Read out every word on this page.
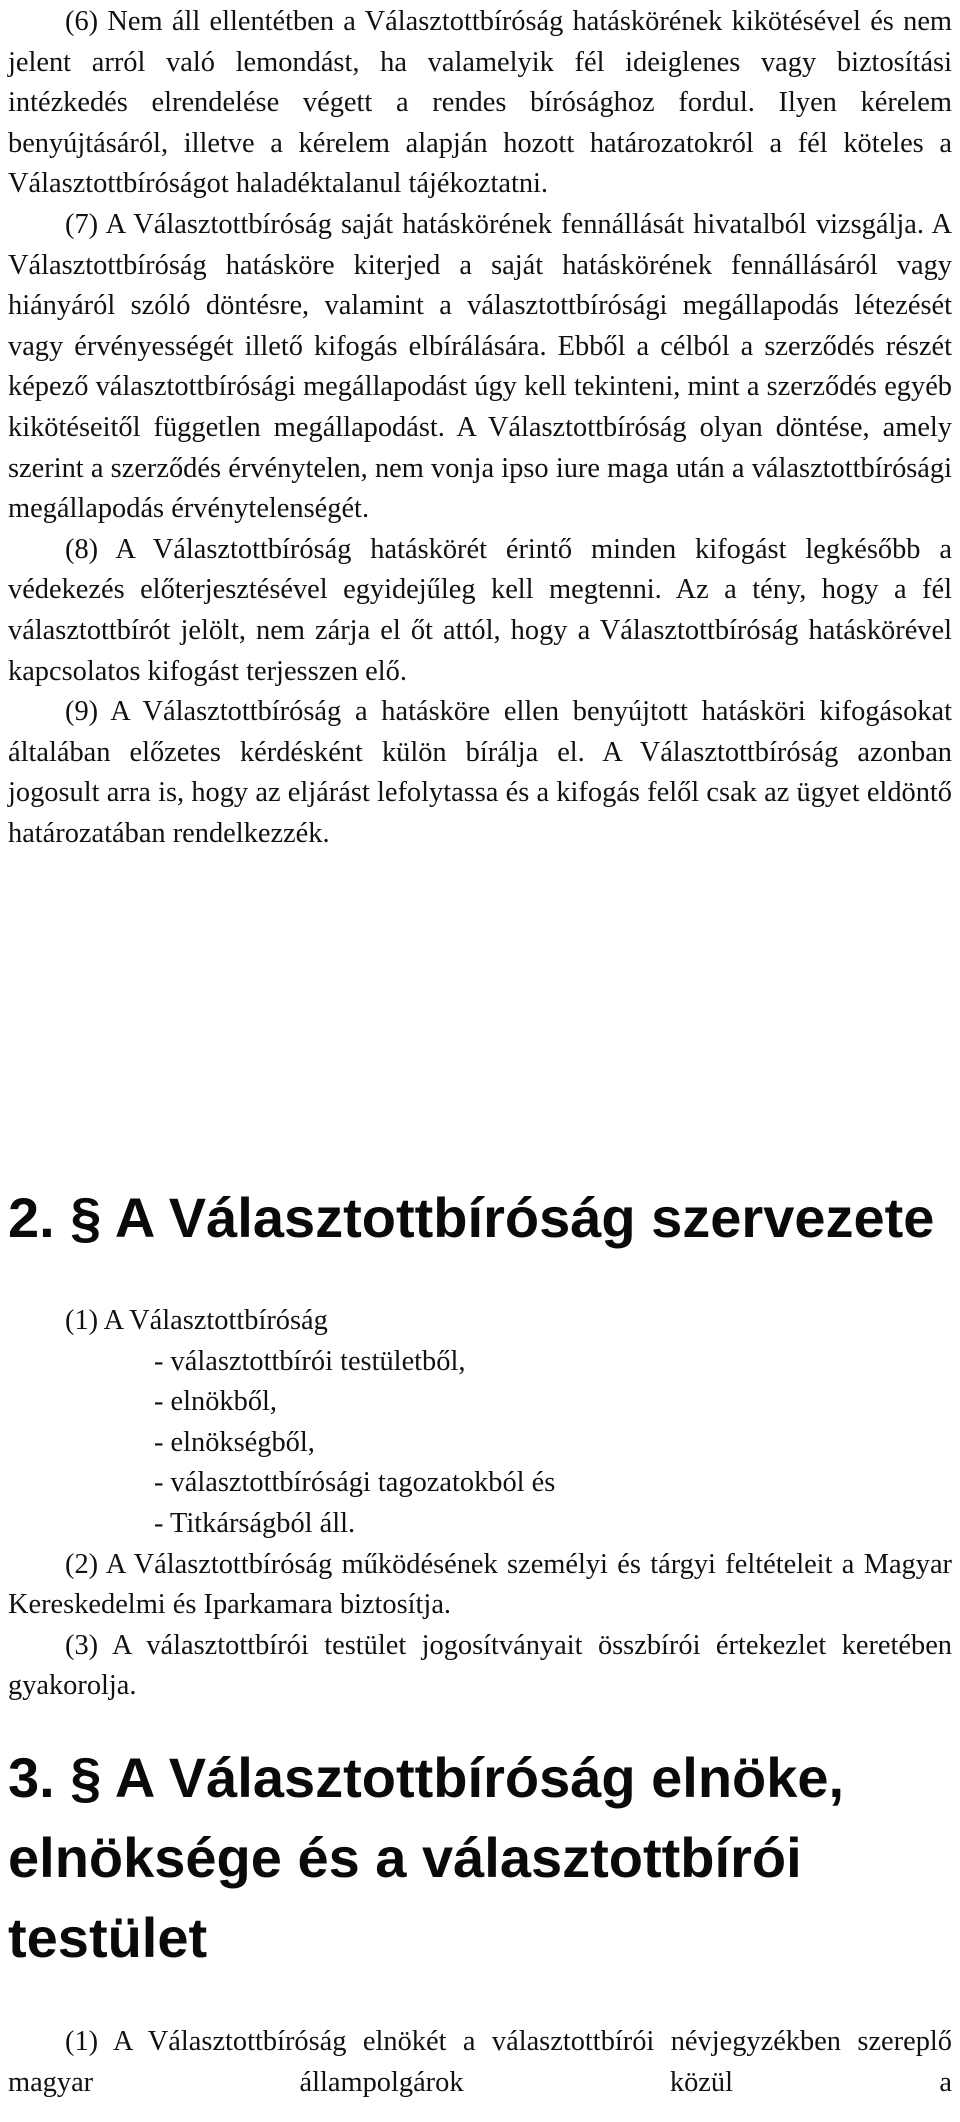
(6) Nem áll ellentétben a Választottbíróság hatáskörének kikötésével és nem jelent arról való lemondást, ha valamelyik fél ideiglenes vagy biztosítási intézkedés elrendelése végett a rendes bírósághoz fordul. Ilyen kérelem benyújtásáról, illetve a kérelem alapján hozott határozatokról a fél köteles a Választottbíróságot haladéktalanul tájékoztatni.

(7) A Választottbíróság saját hatáskörének fennállását hivatalból vizsgálja. A Választottbíróság hatásköre kiterjed a saját hatáskörének fennállásáról vagy hiányáról szóló döntésre, valamint a választottbírósági megállapodás létezését vagy érvényességét illető kifogás elbírálására. Ebből a célból a szerződés részét képező választottbírósági megállapodást úgy kell tekinteni, mint a szerződés egyéb kikötéseitől független megállapodást. A Választottbíróság olyan döntése, amely szerint a szerződés érvénytelen, nem vonja ipso iure maga után a választottbírósági megállapodás érvénytelenségét.

(8) A Választottbíróság hatáskörét érintő minden kifogást legkésőbb a védekezés előterjesztésével egyidejűleg kell megtenni. Az a tény, hogy a fél választottbírót jelölt, nem zárja el őt attól, hogy a Választottbíróság hatáskörével kapcsolatos kifogást terjesszen elő.

(9) A Választottbíróság a hatásköre ellen benyújtott hatásköri kifogásokat általában előzetes kérdésként külön bírálja el. A Választottbíróság azonban jogosult arra is, hogy az eljárást lefolytassa és a kifogás felől csak az ügyet eldöntő határozatában rendelkezzék.

2. § A Választottbíróság szervezete

(1) A Választottbíróság

- választottbírói testületből,
- elnökből,
- elnökségből,
- választottbírósági tagozatokból és
- Titkárságból áll.

(2) A Választottbíróság működésének személyi és tárgyi feltételeit a Magyar Kereskedelmi és Iparkamara biztosítja.

(3) A választottbírói testület jogosítványait összbírói értekezlet keretében gyakorolja.

3. § A Választottbíróság elnöke,
elnöksége és a választottbírói
testület

(1) A Választottbíróság elnökét a választottbírói névjegyzékben szereplő magyar állampolgárok közül a
